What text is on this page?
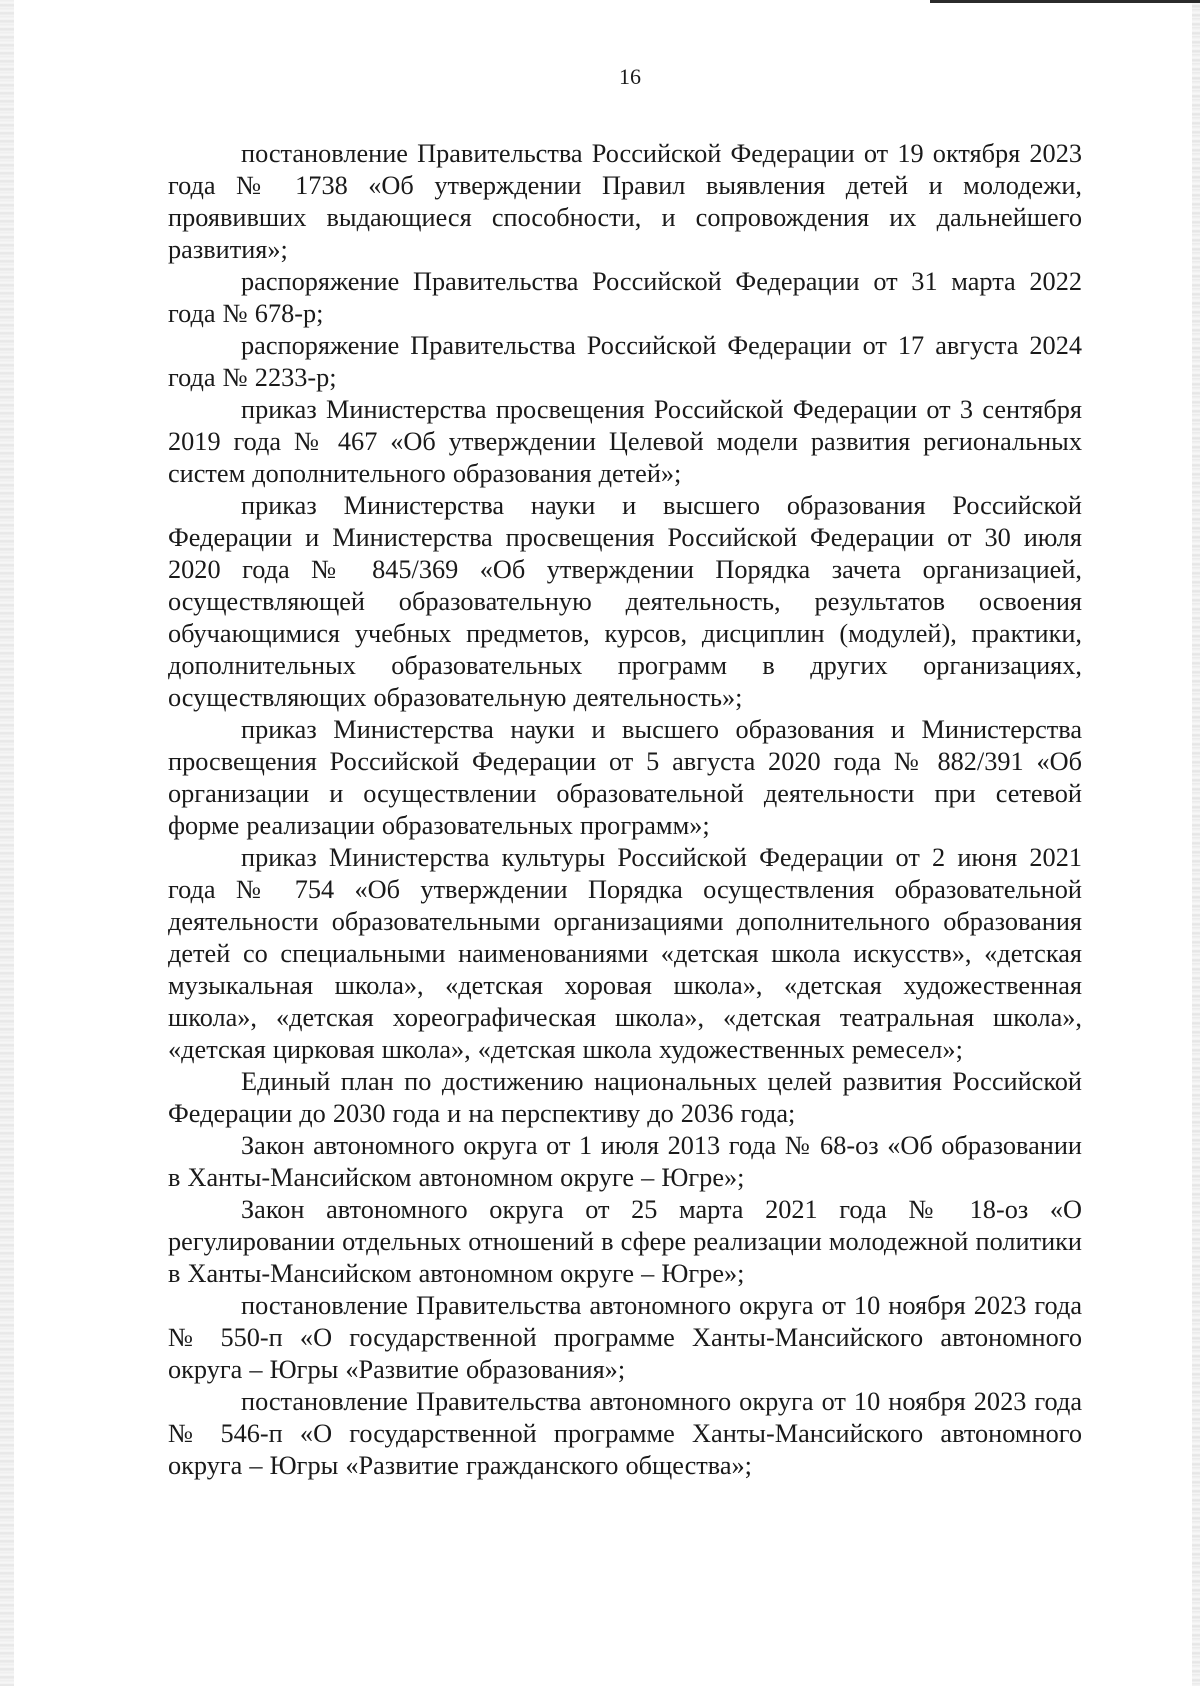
16

постановление Правительства Российской Федерации от 19 октября 2023 года № 1738 «Об утверждении Правил выявления детей и молодежи, проявивших выдающиеся способности, и сопровождения их дальнейшего развития»;

распоряжение Правительства Российской Федерации от 31 марта 2022 года № 678-р;

распоряжение Правительства Российской Федерации от 17 августа 2024 года № 2233-р;

приказ Министерства просвещения Российской Федерации от 3 сентября 2019 года № 467 «Об утверждении Целевой модели развития региональных систем дополнительного образования детей»;

приказ Министерства науки и высшего образования Российской Федерации и Министерства просвещения Российской Федерации от 30 июля 2020 года № 845/369 «Об утверждении Порядка зачета организацией, осуществляющей образовательную деятельность, результатов освоения обучающимися учебных предметов, курсов, дисциплин (модулей), практики, дополнительных образовательных программ в других организациях, осуществляющих образовательную деятельность»;

приказ Министерства науки и высшего образования и Министерства просвещения Российской Федерации от 5 августа 2020 года № 882/391 «Об организации и осуществлении образовательной деятельности при сетевой форме реализации образовательных программ»;

приказ Министерства культуры Российской Федерации от 2 июня 2021 года № 754 «Об утверждении Порядка осуществления образовательной деятельности образовательными организациями дополнительного образования детей со специальными наименованиями «детская школа искусств», «детская музыкальная школа», «детская хоровая школа», «детская художественная школа», «детская хореографическая школа», «детская театральная школа», «детская цирковая школа», «детская школа художественных ремесел»;

Единый план по достижению национальных целей развития Российской Федерации до 2030 года и на перспективу до 2036 года;

Закон автономного округа от 1 июля 2013 года № 68-оз «Об образовании в Ханты-Мансийском автономном округе – Югре»;

Закон автономного округа от 25 марта 2021 года № 18-оз «О регулировании отдельных отношений в сфере реализации молодежной политики в Ханты-Мансийском автономном округе – Югре»;

постановление Правительства автономного округа от 10 ноября 2023 года № 550-п «О государственной программе Ханты-Мансийского автономного округа – Югры «Развитие образования»;

постановление Правительства автономного округа от 10 ноября 2023 года № 546-п «О государственной программе Ханты-Мансийского автономного округа – Югры «Развитие гражданского общества»;
